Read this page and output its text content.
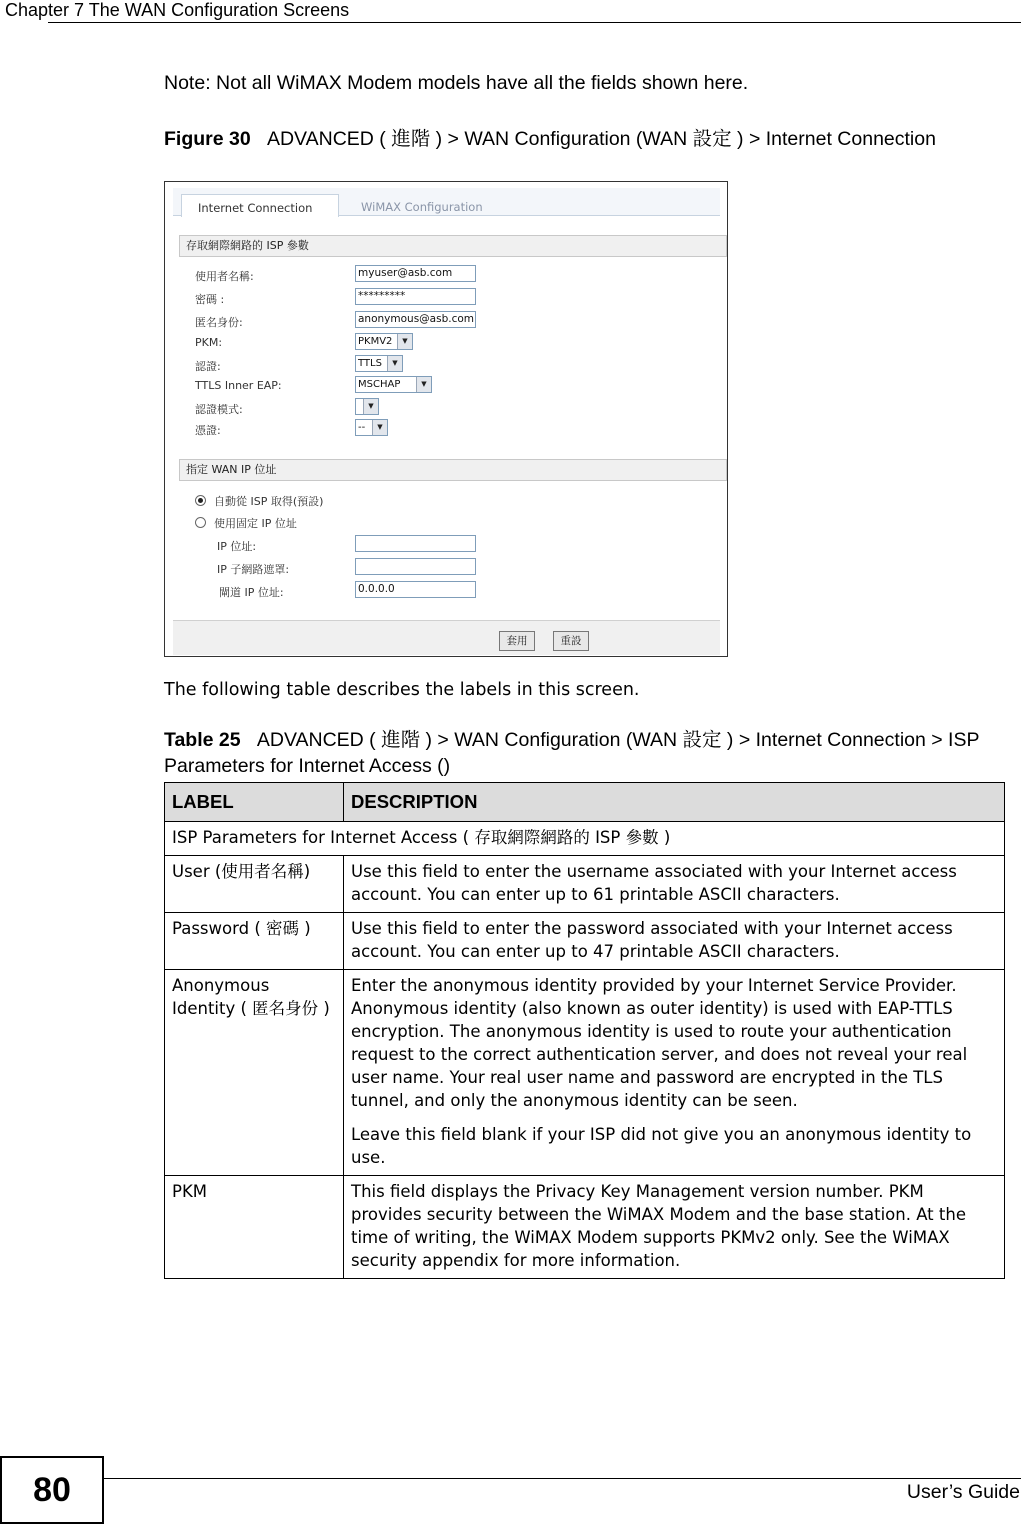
Chapter 7 The WAN Configuration Screens
Note: Not all WiMAX Modem models have all the fields shown here.
Figure 30 ADVANCED ( 進階 ) > WAN Configuration (WAN 設定 ) > Internet Connection
Internet Connection	WiMAX Configuration
存取網際網路的 ISP 參數
使用者名稱:	myuser@asb.com
密碼 :	*********
匿名身份:	anonymous@asb.com
PKM:	PKMV2	▼
認證:	TTLS	▼
TTLS Inner EAP:	MSCHAP	▼
認證模式:	▼
憑證:	--	▼
指定 WAN IP 位址
自動從 ISP 取得(預設)
使用固定 IP 位址
IP 位址:
IP 子網路遮罩:
閘道 IP 位址:	0.0.0.0
套用	重設
The following table describes the labels in this screen.
Table 25 ADVANCED ( 進階 ) > WAN Configuration (WAN 設定 ) > Internet Connection > ISP Parameters for Internet Access ()
LABEL	DESCRIPTION
ISP Parameters for Internet Access ( 存取網際網路的 ISP 參數 )	
User (使用者名稱)	Use this field to enter the username associated with your Internet access account. You can enter up to 61 printable ASCII characters.
Password ( 密碼 )	Use this field to enter the password associated with your Internet access account. You can enter up to 47 printable ASCII characters.
Anonymous Identity ( 匿名身份 )	Enter the anonymous identity provided by your Internet Service Provider. Anonymous identity (also known as outer identity) is used with EAP-TTLS encryption. The anonymous identity is used to route your authentication request to the correct authentication server, and does not reveal your real user name. Your real user name and password are encrypted in the TLS tunnel, and only the anonymous identity can be seen.
Leave this field blank if your ISP did not give you an anonymous identity to use.

PKM	This field displays the Privacy Key Management version number. PKM provides security between the WiMAX Modem and the base station. At the time of writing, the WiMAX Modem supports PKMv2 only. See the WiMAX security appendix for more information.
80	User’s Guide
